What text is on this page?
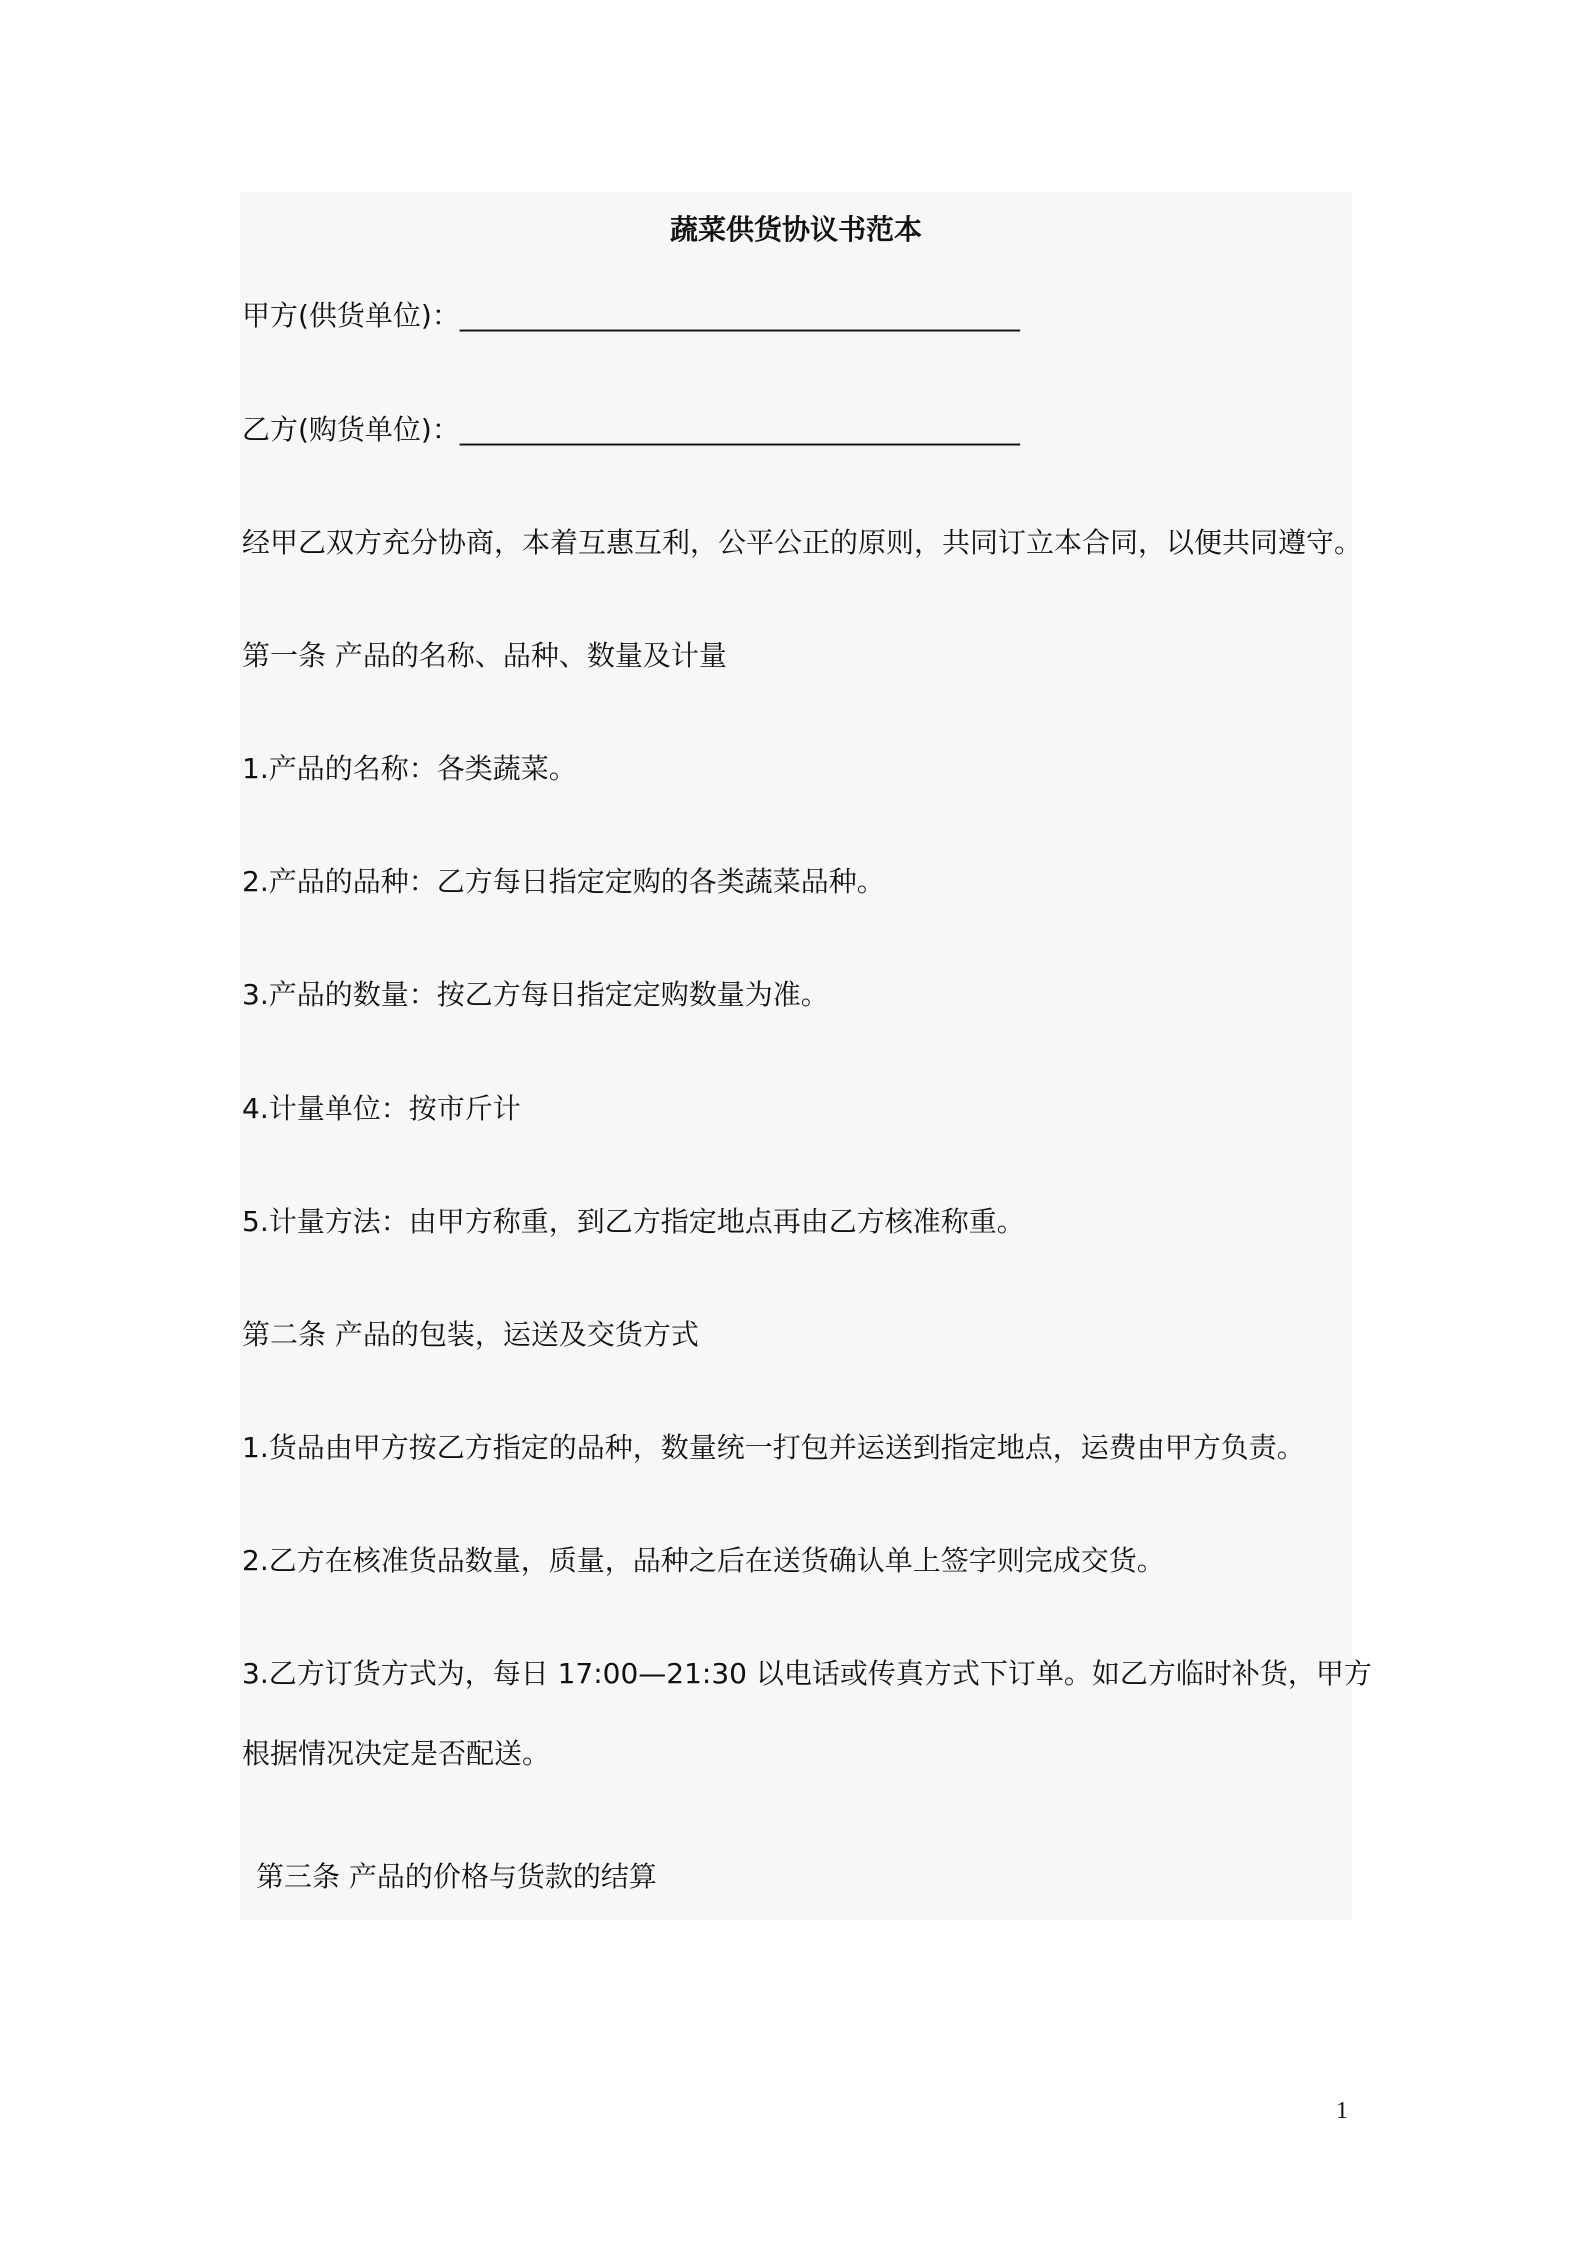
蔬菜供货协议书范本
甲方(供货单位)：________________________________________
乙方(购货单位)：________________________________________
经甲乙双方充分协商，本着互惠互利，公平公正的原则，共同订立本合同，以便共同遵守。
第一条 产品的名称、品种、数量及计量
1.产品的名称：各类蔬菜。
2.产品的品种：乙方每日指定定购的各类蔬菜品种。
3.产品的数量：按乙方每日指定定购数量为准。
4.计量单位：按市斤计
5.计量方法：由甲方称重，到乙方指定地点再由乙方核准称重。
第二条 产品的包装，运送及交货方式
1.货品由甲方按乙方指定的品种，数量统一打包并运送到指定地点，运费由甲方负责。
2.乙方在核准货品数量，质量，品种之后在送货确认单上签字则完成交货。
3.乙方订货方式为，每日 17:00—21:30 以电话或传真方式下订单。如乙方临时补货，甲方
根据情况决定是否配送。
第三条 产品的价格与货款的结算
1
